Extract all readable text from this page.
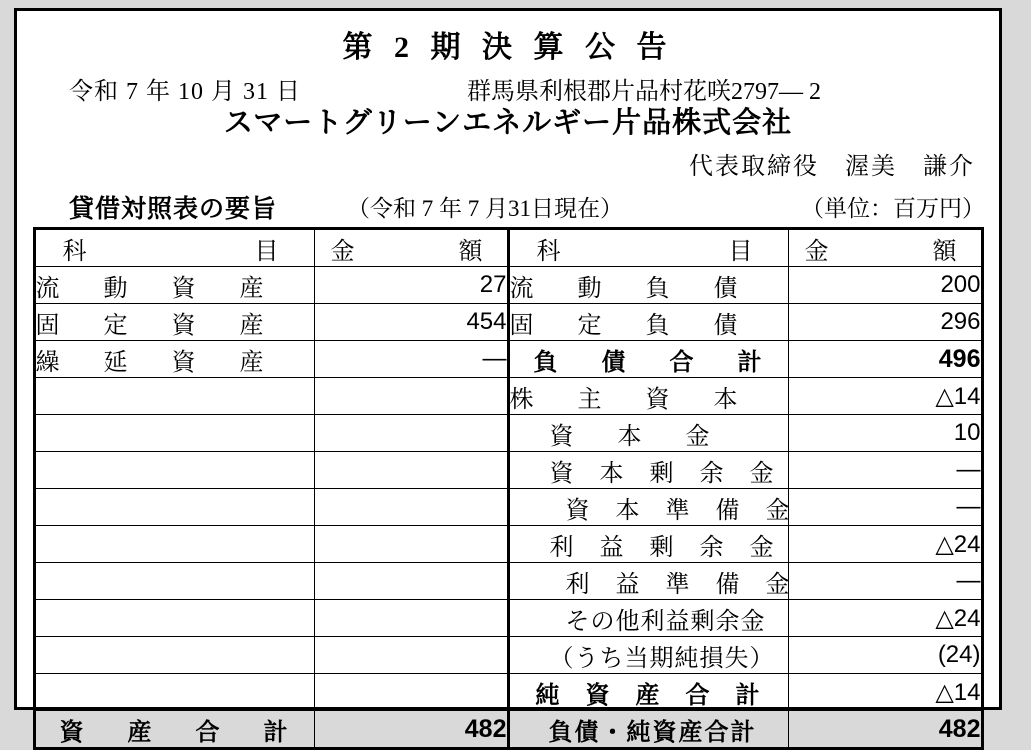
第 2 期 決 算 公 告
令和 7 年 10 月 31 日	群馬県利根郡片品村花咲2797— 2
スマートグリーンエネルギー片品株式会社
代表取締役　渥美　謙介
貸借対照表の要旨	（令和 7 年 7 月31日現在）	（単位：百万円）
科　　　　　目	金　　　額	科　　　　　目	金　　　額
流　動　資　産	27	流　動　負　債	200
固　定　資　産	454	固　定　負　債	296
繰　延　資　産	—	負　債　合　計	496
		株　主　資　本	△14
		資　本　金	10
		資 本 剰 余 金	—
		資 本 準 備 金	—
		利 益 剰 余 金	△24
		利 益 準 備 金	—
		その他利益剰余金	△24
		（うち当期純損失）	(24)
		純 資 産 合 計	△14
資　産　合　計	482	負債・純資産合計	482
